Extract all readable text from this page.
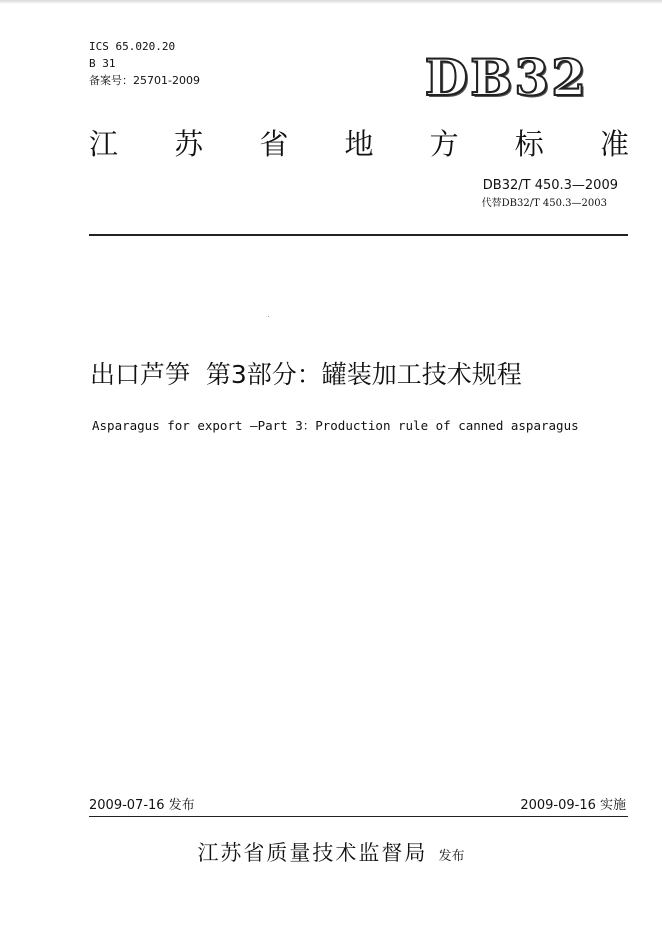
ICS 65.020.20
B 31
备案号：25701-2009	DB32
江 苏 省 地 方 标 准
DB32/T 450.3—2009
代替DB32/T 450.3—2003
出口芦笋  第3部分：罐装加工技术规程
Asparagus for export —Part 3：Production rule of canned asparagus
2009-07-16 发布	2009-09-16 实施
江苏省质量技术监督局 发布
